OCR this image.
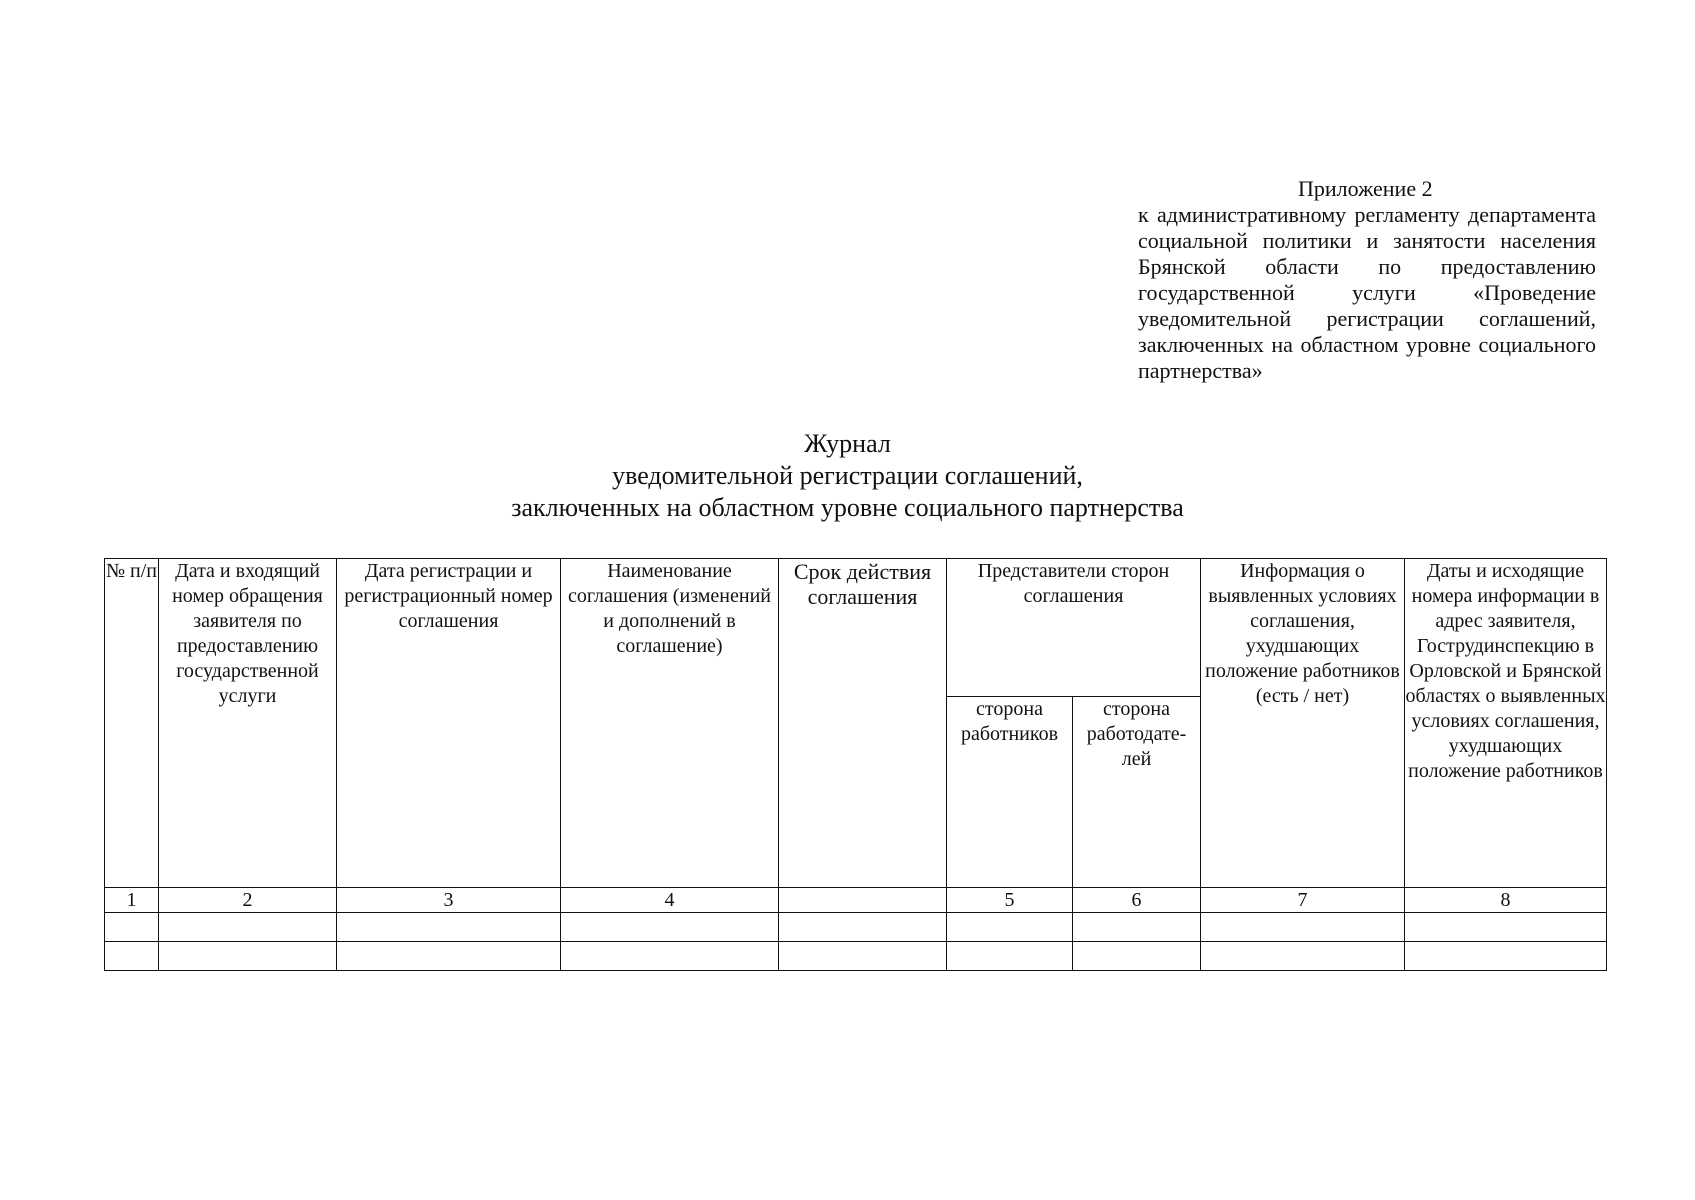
Приложение 2
к административному регламенту департамента социальной политики и занятости населения Брянской области по предоставлению государственной услуги «Проведение уведомительной регистрации соглашений, заключенных на областном уровне социального партнерства»
Журнал
уведомительной регистрации соглашений,
заключенных на областном уровне социального партнерства
№ п/п	Дата и входящий номер обращения заявителя по предоставлению государственной услуги	Дата регистрации и регистрационный номер соглашения	Наименование соглашения (изменений и дополнений в соглашение)	Срок действия соглашения	Представители сторон соглашения		Информация о выявленных условиях соглашения, ухудшающих положение работников (есть / нет)	Даты и исходящие номера информации в адрес заявителя, Гострудинспекцию в Орловской и Брянской областях о выявленных условиях соглашения, ухудшающих положение работников
					сторона работников	сторона работодате-лей		
1	2	3	4		5	6	7	8
